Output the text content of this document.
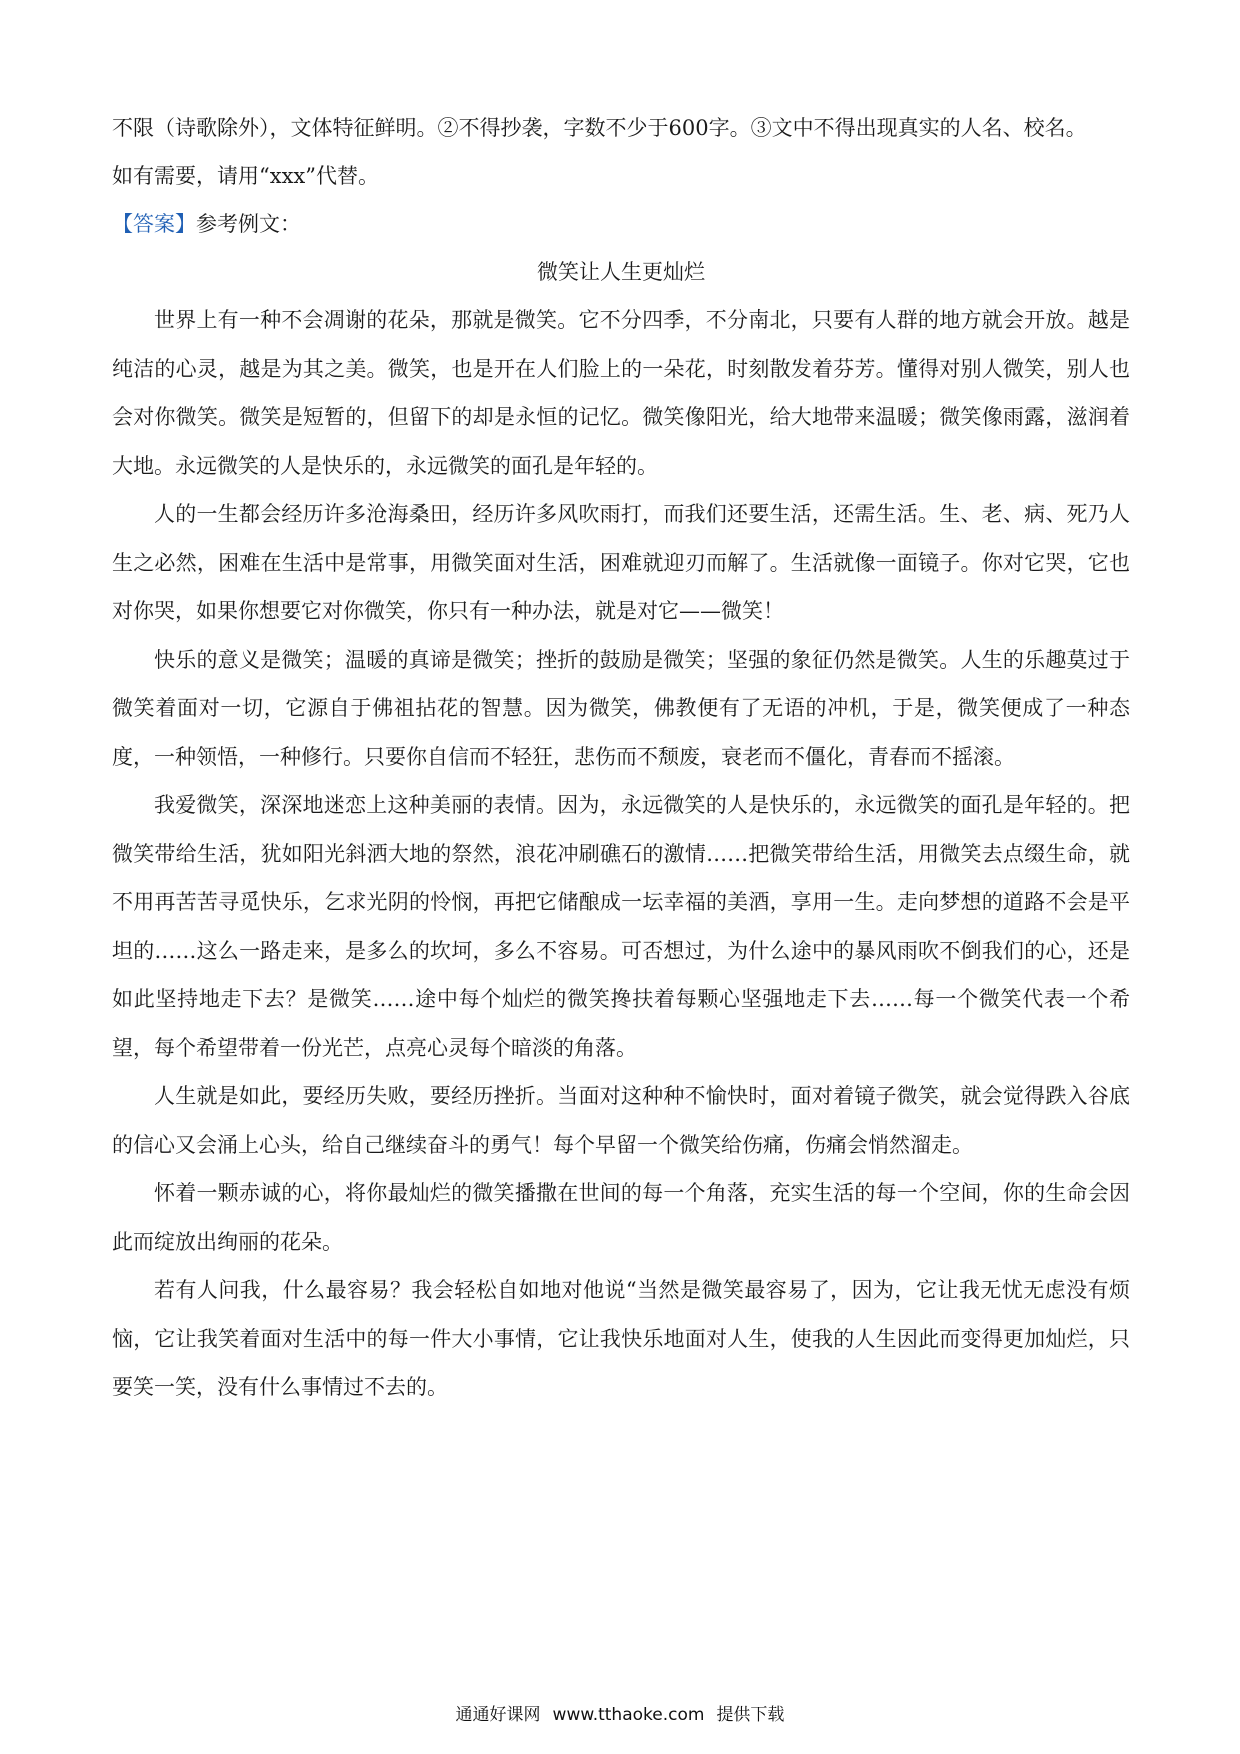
不限（诗歌除外），文体特征鲜明。②不得抄袭，字数不少于600字。③文中不得出现真实的人名、校名。

如有需要，请用“xxx”代替。

【答案】参考例文：

微笑让人生更灿烂

世界上有一种不会凋谢的花朵，那就是微笑。它不分四季，不分南北，只要有人群的地方就会开放。越是纯洁的心灵，越是为其之美。微笑，也是开在人们脸上的一朵花，时刻散发着芬芳。懂得对别人微笑，别人也会对你微笑。微笑是短暂的，但留下的却是永恒的记忆。微笑像阳光，给大地带来温暖；微笑像雨露，滋润着大地。永远微笑的人是快乐的，永远微笑的面孔是年轻的。

人的一生都会经历许多沧海桑田，经历许多风吹雨打，而我们还要生活，还需生活。生、老、病、死乃人生之必然，困难在生活中是常事，用微笑面对生活，困难就迎刃而解了。生活就像一面镜子。你对它哭，它也对你哭，如果你想要它对你微笑，你只有一种办法，就是对它——微笑！

快乐的意义是微笑；温暖的真谛是微笑；挫折的鼓励是微笑；坚强的象征仍然是微笑。人生的乐趣莫过于微笑着面对一切，它源自于佛祖拈花的智慧。因为微笑，佛教便有了无语的冲机，于是，微笑便成了一种态度，一种领悟，一种修行。只要你自信而不轻狂，悲伤而不颓废，衰老而不僵化，青春而不摇滚。

我爱微笑，深深地迷恋上这种美丽的表情。因为，永远微笑的人是快乐的，永远微笑的面孔是年轻的。把微笑带给生活，犹如阳光斜洒大地的祭然，浪花冲刷礁石的激情……把微笑带给生活，用微笑去点缀生命，就不用再苦苦寻觅快乐，乞求光阴的怜悯，再把它储酿成一坛幸福的美酒，享用一生。走向梦想的道路不会是平坦的……这么一路走来，是多么的坎坷，多么不容易。可否想过，为什么途中的暴风雨吹不倒我们的心，还是如此坚持地走下去？是微笑……途中每个灿烂的微笑搀扶着每颗心坚强地走下去……每一个微笑代表一个希望，每个希望带着一份光芒，点亮心灵每个暗淡的角落。

人生就是如此，要经历失败，要经历挫折。当面对这种种不愉快时，面对着镜子微笑，就会觉得跌入谷底的信心又会涌上心头，给自己继续奋斗的勇气！每个早留一个微笑给伤痛，伤痛会悄然溜走。

怀着一颗赤诚的心，将你最灿烂的微笑播撒在世间的每一个角落，充实生活的每一个空间，你的生命会因此而绽放出绚丽的花朵。

若有人问我，什么最容易？我会轻松自如地对他说“当然是微笑最容易了，因为，它让我无忧无虑没有烦恼，它让我笑着面对生活中的每一件大小事情，它让我快乐地面对人生，使我的人生因此而变得更加灿烂，只要笑一笑，没有什么事情过不去的。

通通好课网 www.tthaoke.com 提供下载
